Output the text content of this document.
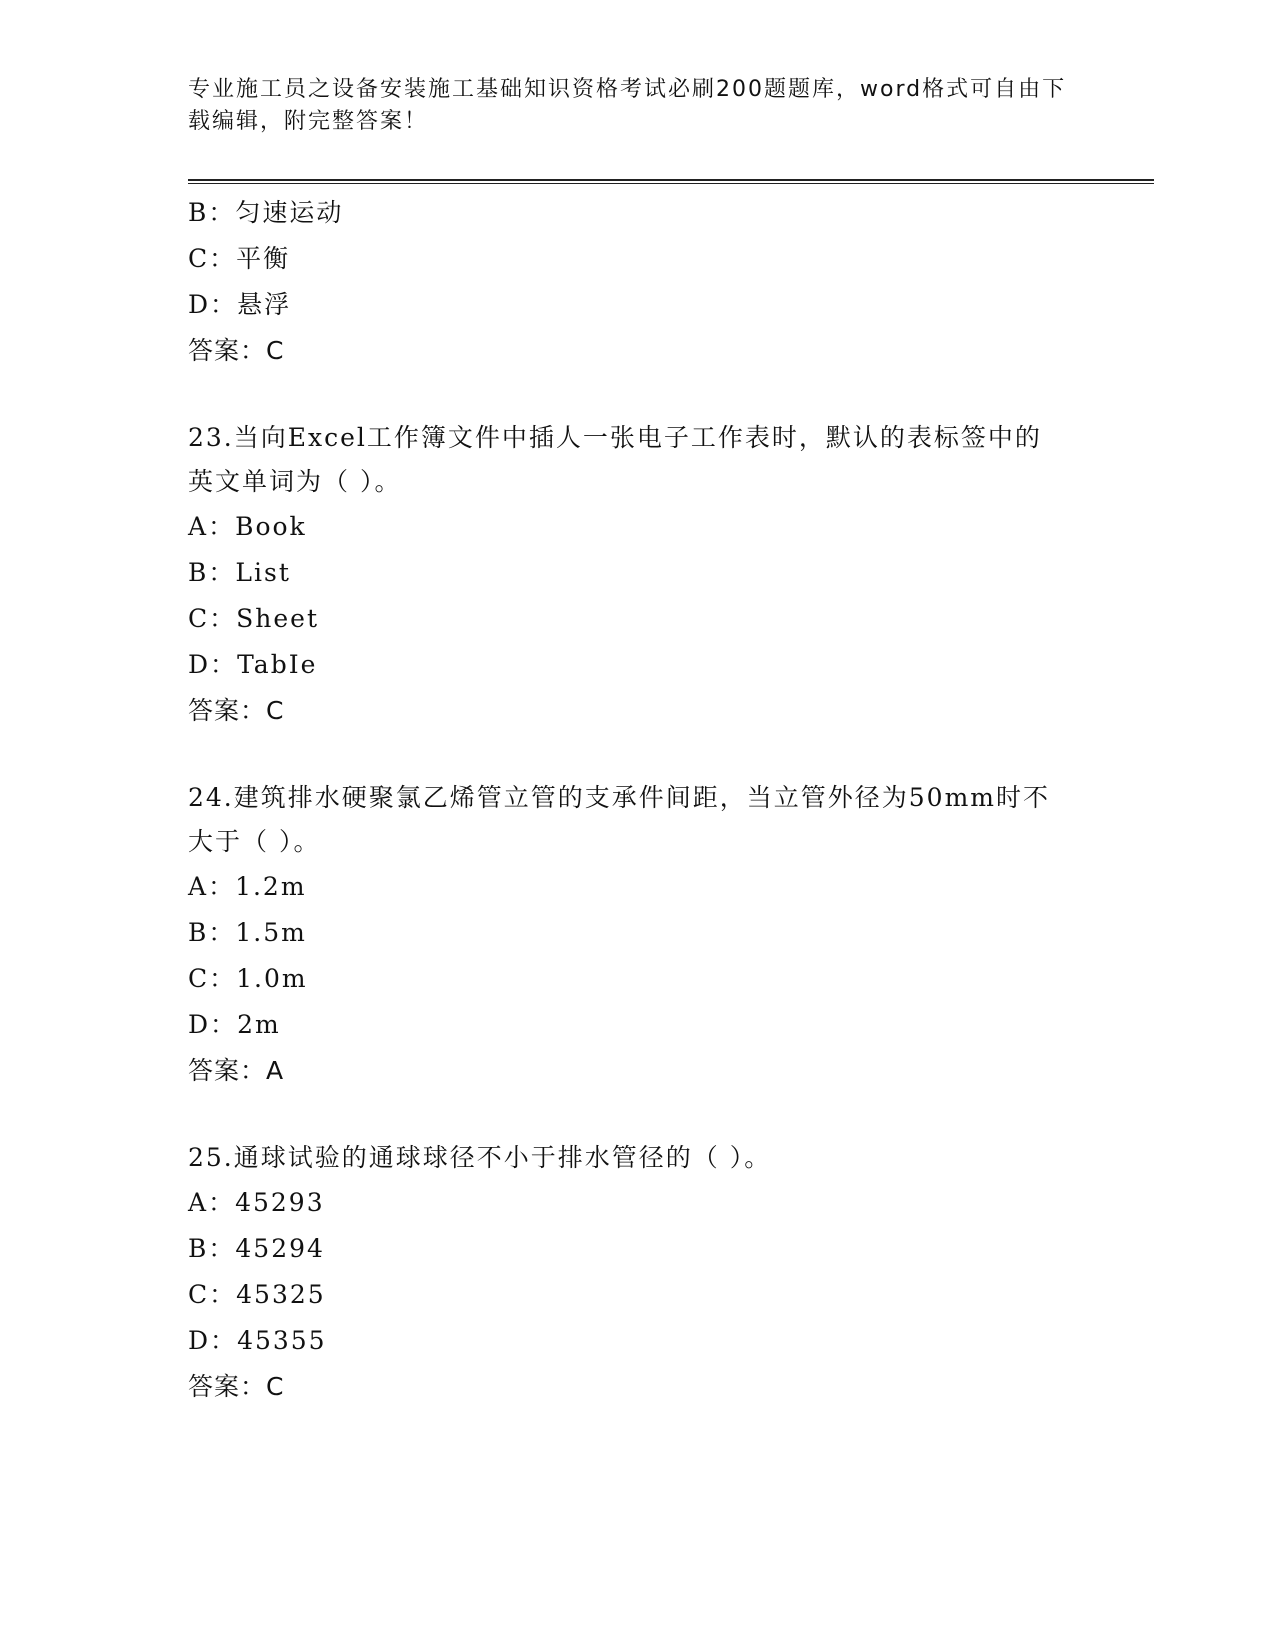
专业施工员之设备安装施工基础知识资格考试必刷200题题库，word格式可自由下载编辑，附完整答案！
B：匀速运动
C：平衡
D：悬浮
答案：C
23.当向Excel工作簿文件中插人一张电子工作表时，默认的表标签中的英文单词为（ ）。
A：Book
B：List
C：Sheet
D：TabIe
答案：C
24.建筑排水硬聚氯乙烯管立管的支承件间距，当立管外径为50mm时不大于（ ）。
A：1.2m
B：1.5m
C：1.0m
D：2m
答案：A
25.通球试验的通球球径不小于排水管径的（ ）。
A：45293
B：45294
C：45325
D：45355
答案：C
